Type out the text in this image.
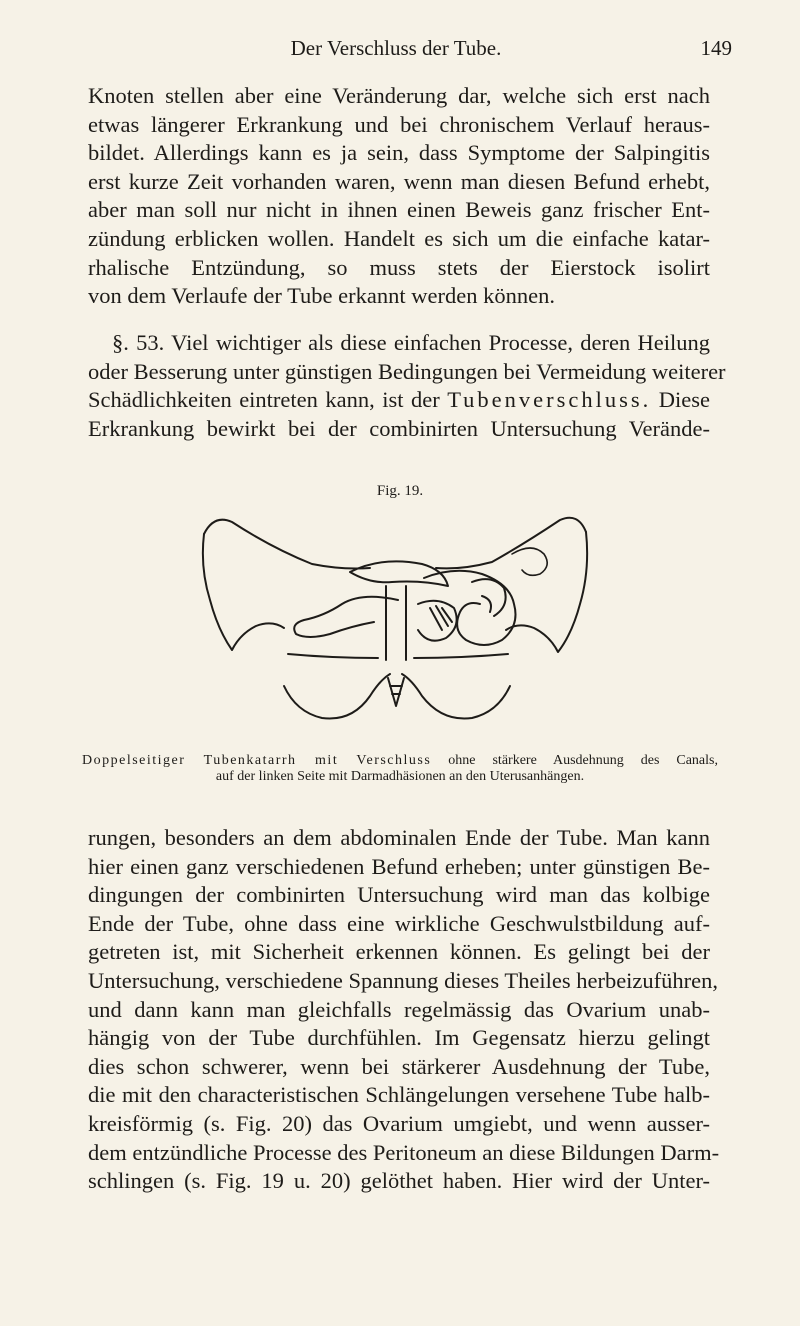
Der Verschluss der Tube.	149
Knoten stellen aber eine Veränderung dar, welche sich erst nach
etwas längerer Erkrankung und bei chronischem Verlauf heraus-
bildet. Allerdings kann es ja sein, dass Symptome der Salpingitis
erst kurze Zeit vorhanden waren, wenn man diesen Befund erhebt,
aber man soll nur nicht in ihnen einen Beweis ganz frischer Ent-
zündung erblicken wollen. Handelt es sich um die einfache katar-
rhalische Entzündung, so muss stets der Eierstock isolirt
von dem Verlaufe der Tube erkannt werden können.
§. 53. Viel wichtiger als diese einfachen Processe, deren Heilung
oder Besserung unter günstigen Bedingungen bei Vermeidung weiterer
Schädlichkeiten eintreten kann, ist der Tubenverschluss. Diese
Erkrankung bewirkt bei der combinirten Untersuchung Verände-
Fig. 19.
Doppelseitiger Tubenkatarrh mit Verschluss ohne stärkere Ausdehnung des Canals,
auf der linken Seite mit Darmadhäsionen an den Uterusanhängen.
rungen, besonders an dem abdominalen Ende der Tube. Man kann
hier einen ganz verschiedenen Befund erheben; unter günstigen Be-
dingungen der combinirten Untersuchung wird man das kolbige
Ende der Tube, ohne dass eine wirkliche Geschwulstbildung auf-
getreten ist, mit Sicherheit erkennen können. Es gelingt bei der
Untersuchung, verschiedene Spannung dieses Theiles herbeizuführen,
und dann kann man gleichfalls regelmässig das Ovarium unab-
hängig von der Tube durchfühlen. Im Gegensatz hierzu gelingt
dies schon schwerer, wenn bei stärkerer Ausdehnung der Tube,
die mit den characteristischen Schlängelungen versehene Tube halb-
kreisförmig (s. Fig. 20) das Ovarium umgiebt, und wenn ausser-
dem entzündliche Processe des Peritoneum an diese Bildungen Darm-
schlingen (s. Fig. 19 u. 20) gelöthet haben. Hier wird der Unter-
